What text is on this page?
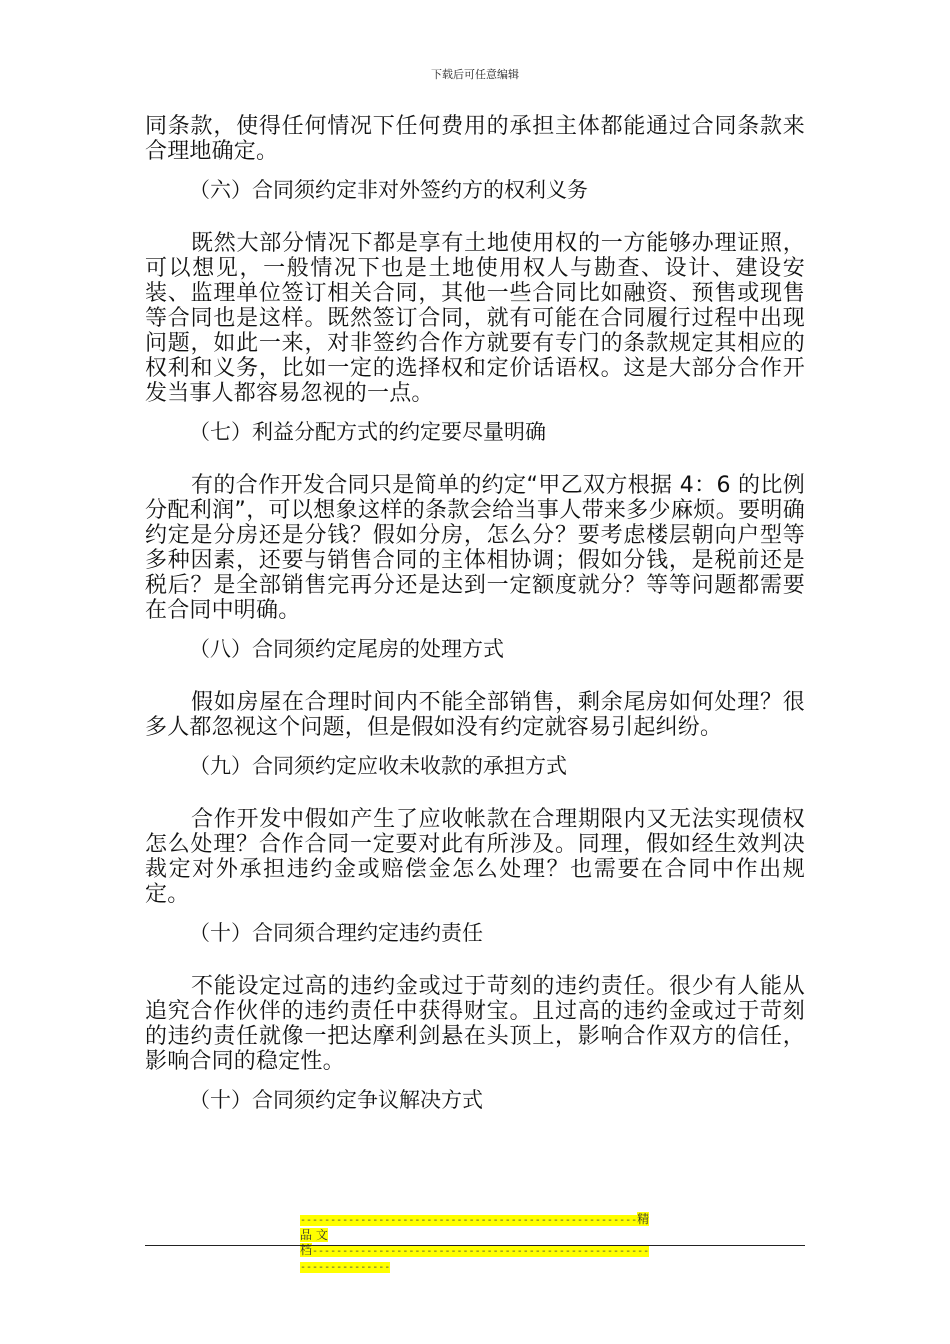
下载后可任意编辑

同条款，使得任何情况下任何费用的承担主体都能通过合同条款来合理地确定。

（六）合同须约定非对外签约方的权利义务

既然大部分情况下都是享有土地使用权的一方能够办理证照，可以想见，一般情况下也是土地使用权人与勘查、设计、建设安装、监理单位签订相关合同，其他一些合同比如融资、预售或现售等合同也是这样。既然签订合同，就有可能在合同履行过程中出现问题，如此一来，对非签约合作方就要有专门的条款规定其相应的权利和义务，比如一定的选择权和定价话语权。这是大部分合作开发当事人都容易忽视的一点。

（七）利益分配方式的约定要尽量明确

有的合作开发合同只是简单的约定“甲乙双方根据 4：6 的比例分配利润”，可以想象这样的条款会给当事人带来多少麻烦。要明确约定是分房还是分钱？假如分房，怎么分？要考虑楼层朝向户型等多种因素，还要与销售合同的主体相协调；假如分钱，是税前还是税后？是全部销售完再分还是达到一定额度就分？等等问题都需要在合同中明确。

（八）合同须约定尾房的处理方式

假如房屋在合理时间内不能全部销售，剩余尾房如何处理？很多人都忽视这个问题，但是假如没有约定就容易引起纠纷。

（九）合同须约定应收未收款的承担方式

合作开发中假如产生了应收帐款在合理期限内又无法实现债权怎么处理？合作合同一定要对此有所涉及。同理，假如经生效判决裁定对外承担违约金或赔偿金怎么处理？也需要在合同中作出规定。

（十）合同须合理约定违约责任

不能设定过高的违约金或过于苛刻的违约责任。很少有人能从追究合作伙伴的违约责任中获得财宝。且过高的违约金或过于苛刻的违约责任就像一把达摩利剑悬在头顶上，影响合作双方的信任，影响合同的稳定性。

（十）合同须约定争议解决方式

--------------------------------------------------------精品 文
档-----------------------------------------------------------------------
